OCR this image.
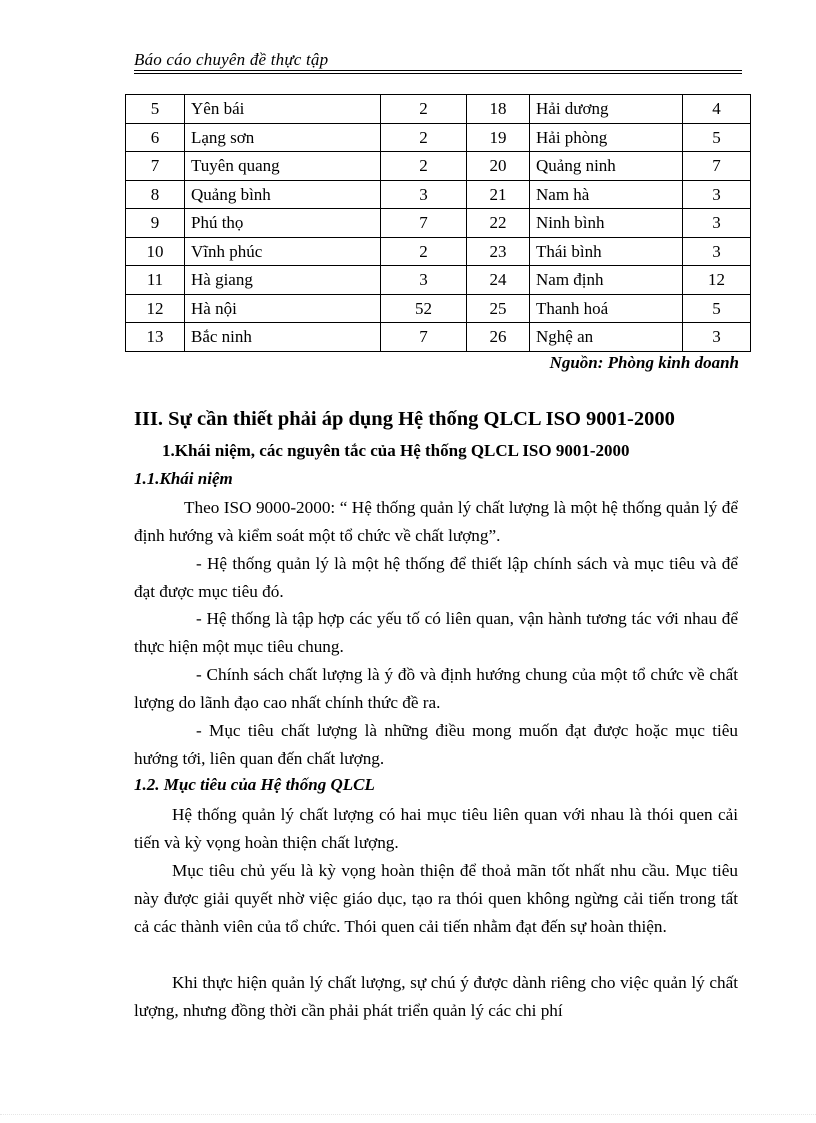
Báo cáo chuyên đề thực tập
5	Yên bái	2	18	Hải dương	4
6	Lạng sơn	2	19	Hải phòng	5
7	Tuyên quang	2	20	Quảng ninh	7
8	Quảng bình	3	21	Nam hà	3
9	Phú thọ	7	22	Ninh bình	3
10	Vĩnh phúc	2	23	Thái bình	3
11	Hà giang	3	24	Nam định	12
12	Hà nội	52	25	Thanh hoá	5
13	Bắc ninh	7	26	Nghệ an	3
Nguồn: Phòng kinh doanh
III. Sự cần thiết phải áp dụng Hệ thống QLCL ISO 9001-2000
1.Khái niệm, các nguyên tắc của Hệ thống QLCL ISO 9001-2000
1.1.Khái niệm

Theo ISO 9000-2000: “ Hệ thống quản lý chất lượng là một hệ thống quản lý để định hướng và kiểm soát một tổ chức về chất lượng”.

- Hệ thống quản lý là một hệ thống để thiết lập chính sách và mục tiêu và để đạt được mục tiêu đó.

- Hệ thống là tập hợp các yếu tố có liên quan, vận hành tương tác với nhau để thực hiện một mục tiêu chung.

- Chính sách chất lượng là ý đồ và định hướng chung của một tổ chức về chất lượng do lãnh đạo cao nhất chính thức đề ra.

- Mục tiêu chất lượng là những điều mong muốn đạt được hoặc mục tiêu hướng tới, liên quan đến chất lượng.

1.2. Mục tiêu của Hệ thống QLCL

Hệ thống quản lý chất lượng có hai mục tiêu liên quan với nhau là thói quen cải tiến và kỳ vọng hoàn thiện chất lượng.

Mục tiêu chủ yếu là kỳ vọng hoàn thiện để thoả mãn tốt nhất nhu cầu. Mục tiêu này được giải quyết nhờ việc giáo dục, tạo ra thói quen không ngừng cải tiến trong tất cả các thành viên của tổ chức. Thói quen cải tiến nhằm đạt đến sự hoàn thiện.

Khi thực hiện quản lý chất lượng, sự chú ý được dành riêng cho việc quản lý chất lượng, nhưng đồng thời cần phải phát triển quản lý các chi phí
